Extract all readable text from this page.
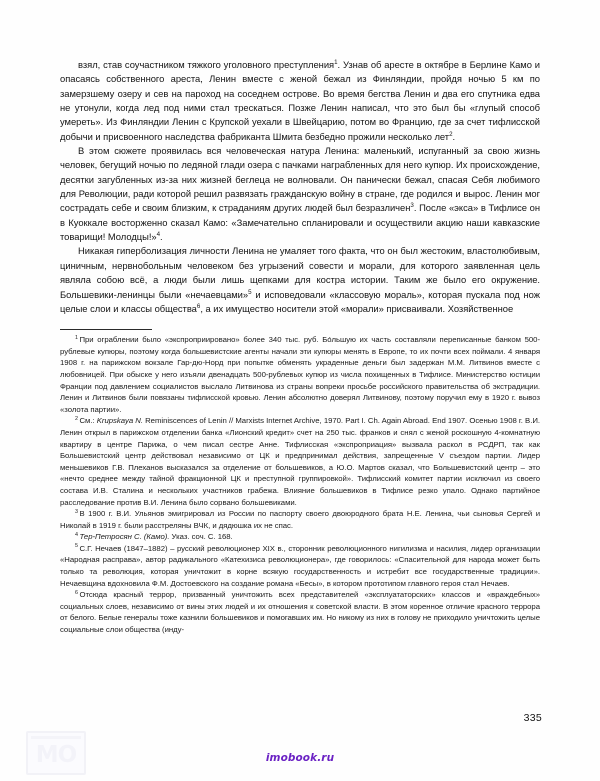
взял, став соучастником тяжкого уголовного преступления$^1$. Узнав об аресте в октябре в Берлине Камо и опасаясь собственного ареста, Ленин вместе с женой бежал из Финляндии, пройдя ночью 5 км по замерзшему озеру и сев на пароход на соседнем острове. Во время бегства Ленин и два его спутника едва не утонули, когда лед под ними стал трескаться. Позже Ленин написал, что это был бы «глупый способ умереть». Из Финляндии Ленин с Крупской уехали в Швейцарию, потом во Францию, где за счет тифлисской добычи и присвоенного наследства фабриканта Шмита безбедно прожили несколько лет$^2$.

В этом сюжете проявилась вся человеческая натура Ленина: маленький, испуганный за свою жизнь человек, бегущий ночью по ледяной глади озера с пачками награбленных для него купюр. Их происхождение, десятки загубленных из-за них жизней беглеца не волновали. Он панически бежал, спасая Себя любимого для Революции, ради которой решил развязать гражданскую войну в стране, где родился и вырос. Ленин мог сострадать себе и своим близким, к страданиям других людей был безразличен$^3$. После «экса» в Тифлисе он в Куоккале восторженно сказал Камо: «Замечательно спланировали и осуществили акцию наши кавказские товарищи! Молодцы!»$^4$.

Никакая гиперболизация личности Ленина не умаляет того факта, что он был жестоким, властолюбивым, циничным, нервнобольным человеком без угрызений совести и морали, для которого заявленная цель являла собою всё, а люди были лишь щепками для костра истории. Таким же было его окружение. Большевики-ленинцы были «нечаевцами»$^5$ и исповедовали «классовую мораль», которая пускала под нож целые слои и классы общества$^6$, а их имущество носители этой «морали» присваивали. Хозяйственное

$^1$ При ограблении было «экспроприировано» более 340 тыс. руб. Бо́льшую их часть составляли переписанные банком 500-рублевые купюры, поэтому когда большевистские агенты начали эти купюры менять в Европе, то их почти всех поймали. 4 января 1908 г. на парижском вокзале Гар-дю-Норд при попытке обменять украденные деньги был задержан М.М. Литвинов вместе с любовницей. При обыске у него изъяли двенадцать 500-рублевых купюр из числа похищенных в Тифлисе. Министерство юстиции Франции под давлением социалистов выслало Литвинова из страны вопреки просьбе российского правительства об экстрадиции. Ленин и Литвинов были повязаны тифлисской кровью. Ленин абсолютно доверял Литвинову, поэтому поручил ему в 1920 г. вывоз «золота партии».

$^2$ См.: Krupskaya N. Reminiscences of Lenin // Marxists Internet Archive, 1970. Part I. Ch. Again Abroad. End 1907. Осенью 1908 г. В.И. Ленин открыл в парижском отделении банка «Лионский кредит» счет на 250 тыс. франков и снял с женой роскошную 4-комнатную квартиру в центре Парижа, о чем писал сестре Анне. Тифлисская «экспроприация» вызвала раскол в РСДРП, так как Большевистский центр действовал независимо от ЦК и предпринимал действия, запрещенные V съездом партии. Лидер меньшевиков Г.В. Плеханов высказался за отделение от большевиков, а Ю.О. Мартов сказал, что Большевистский центр – это «нечто среднее между тайной фракционной ЦК и преступной группировкой». Тифлисский комитет партии исключил из своего состава И.В. Сталина и нескольких участников грабежа. Влияние большевиков в Тифлисе резко упало. Однако партийное расследование против В.И. Ленина было сорвано большевиками.

$^3$ В 1900 г. В.И. Ульянов эмигрировал из России по паспорту своего двоюродного брата Н.Е. Ленина, чьи сыновья Сергей и Николай в 1919 г. были расстреляны ВЧК, и дядюшка их не спас.

$^4$ Тер-Петросян С. (Камо). Указ. соч. С. 168.

$^5$ С.Г. Нечаев (1847–1882) – русский революционер XIX в., сторонник революционного нигилизма и насилия, лидер организации «Народная расправа», автор радикального «Катехизиса революционера», где говорилось: «Спасительной для народа может быть только та революция, которая уничтожит в корне всякую государственность и истребит все государственные традиции». Нечаевщина вдохновила Ф.М. Достоевского на создание романа «Бесы», в котором прототипом главного героя стал Нечаев.

$^6$ Отсюда красный террор, призванный уничтожить всех представителей «эксплуататорских» классов и «враждебных» социальных слоев, независимо от вины этих людей и их отношения к советской власти. В этом коренное отличие красного террора от белого. Белые генералы тоже казнили большевиков и помогавших им. Но никому из них в голову не приходило уничтожить целые социальные слои общества (инду-

335
MO	imobook.ru
